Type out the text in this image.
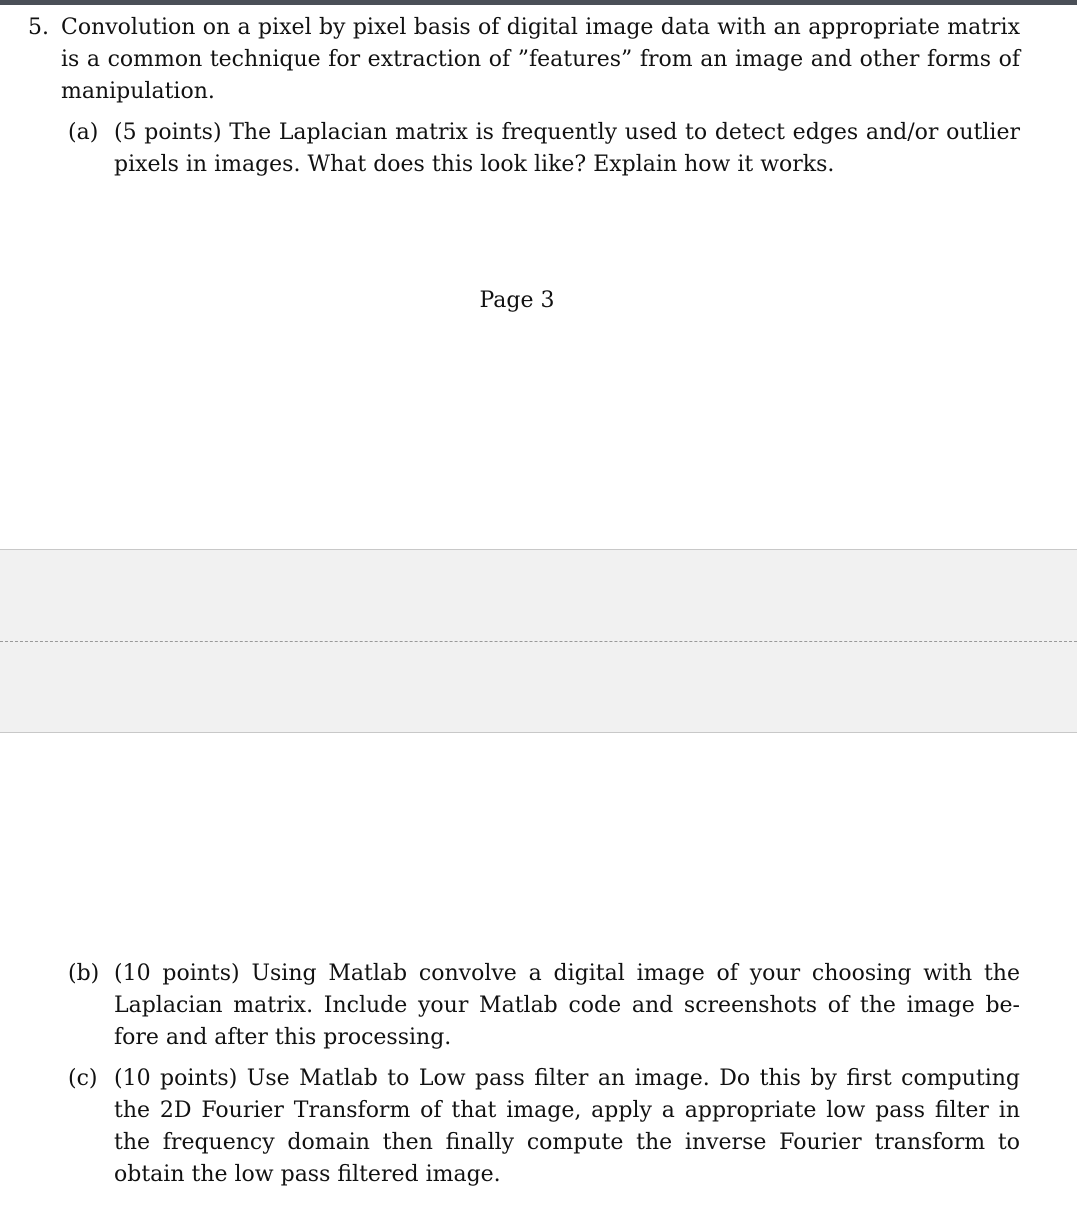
5. Convolution on a pixel by pixel basis of digital image data with an appropriate matrix is a common technique for extraction of ”features” from an image and other forms of manipulation.
(a) (5 points) The Laplacian matrix is frequently used to detect edges and/or outlier pixels in images. What does this look like? Explain how it works.
Page 3
(b) (10 points) Using Matlab convolve a digital image of your choosing with the Laplacian matrix. Include your Matlab code and screenshots of the image be-fore and after this processing.
(c) (10 points) Use Matlab to Low pass filter an image. Do this by first computing the 2D Fourier Transform of that image, apply a appropriate low pass filter in the frequency domain then finally compute the inverse Fourier transform to obtain the low pass filtered image.
